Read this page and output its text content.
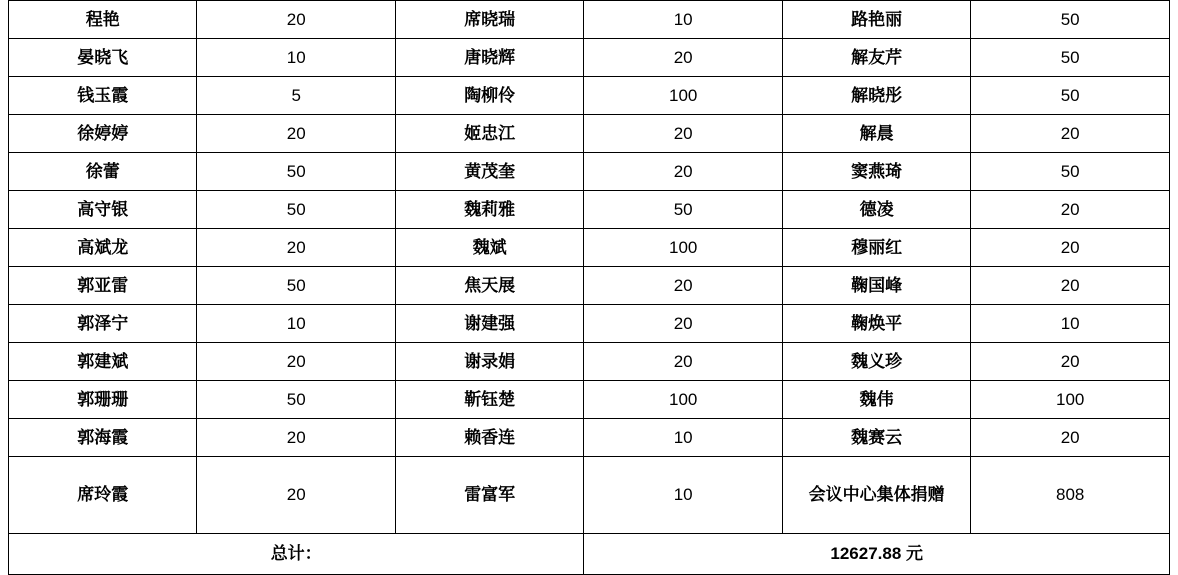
程艳	20	席晓瑞	10	路艳丽	50
晏晓飞	10	唐晓辉	20	解友芹	50
钱玉霞	5	陶柳伶	100	解晓彤	50
徐婷婷	20	姬忠江	20	解晨	20
徐蕾	50	黄茂奎	20	窦燕琦	50
高守银	50	魏莉雅	50	德凌	20
高斌龙	20	魏斌	100	穆丽红	20
郭亚雷	50	焦天展	20	鞠国峰	20
郭泽宁	10	谢建强	20	鞠焕平	10
郭建斌	20	谢录娟	20	魏义珍	20
郭珊珊	50	靳钰楚	100	魏伟	100
郭海霞	20	赖香连	10	魏赛云	20
席玲霞	20	雷富军	10	会议中心集体捐赠	808
总计：			12627.88 元		
